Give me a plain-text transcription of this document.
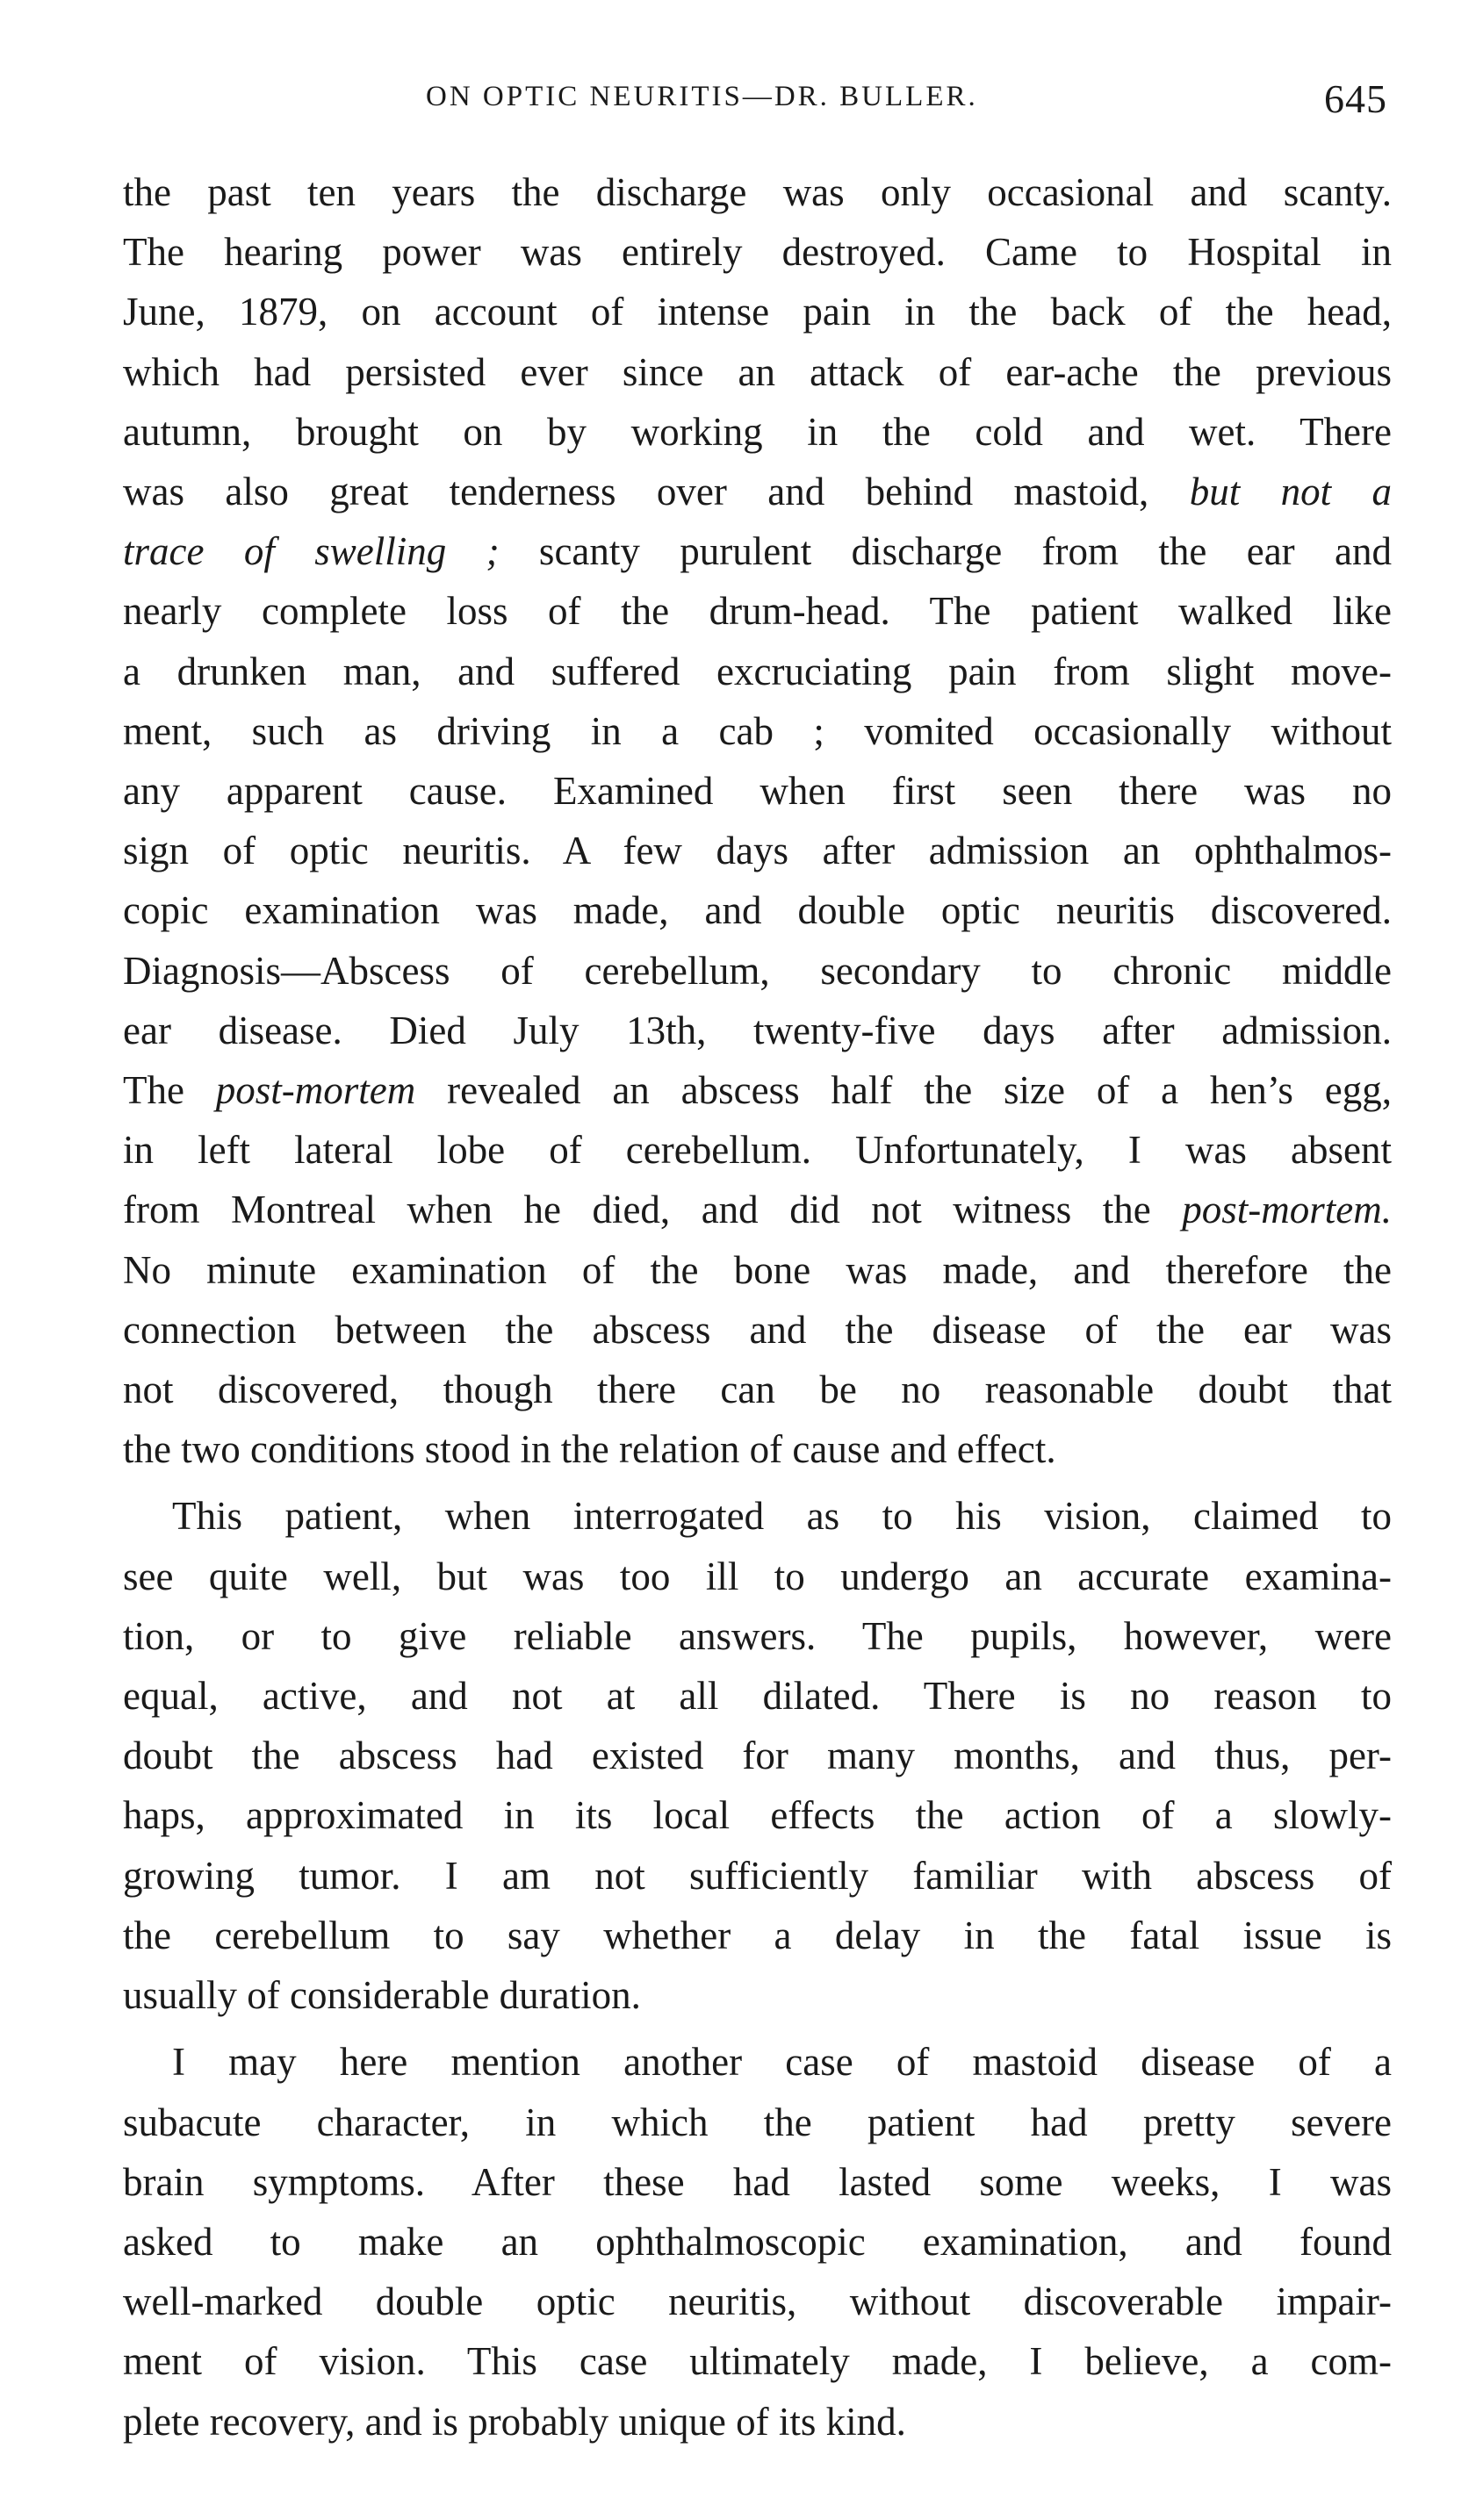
ON OPTIC NEURITIS—DR. BULLER.	645
the past ten years the discharge was only occasional and scanty.
The hearing power was entirely destroyed. Came to Hospital in
June, 1879, on account of intense pain in the back of the head,
which had persisted ever since an attack of ear-ache the previous
autumn, brought on by working in the cold and wet. There
was also great tenderness over and behind mastoid, but not a
trace of swelling ; scanty purulent discharge from the ear and
nearly complete loss of the drum-head. The patient walked like
a drunken man, and suffered excruciating pain from slight move-
ment, such as driving in a cab ; vomited occasionally without
any apparent cause. Examined when first seen there was no
sign of optic neuritis. A few days after admission an ophthalmos-
copic examination was made, and double optic neuritis discovered.
Diagnosis—Abscess of cerebellum, secondary to chronic middle
ear disease. Died July 13th, twenty-five days after admission.
The post-mortem revealed an abscess half the size of a hen’s egg,
in left lateral lobe of cerebellum. Unfortunately, I was absent
from Montreal when he died, and did not witness the post-mortem.
No minute examination of the bone was made, and therefore the
connection between the abscess and the disease of the ear was
not discovered, though there can be no reasonable doubt that
the two conditions stood in the relation of cause and effect.
This patient, when interrogated as to his vision, claimed to
see quite well, but was too ill to undergo an accurate examina-
tion, or to give reliable answers. The pupils, however, were
equal, active, and not at all dilated. There is no reason to
doubt the abscess had existed for many months, and thus, per-
haps, approximated in its local effects the action of a slowly-
growing tumor. I am not sufficiently familiar with abscess of
the cerebellum to say whether a delay in the fatal issue is
usually of considerable duration.
I may here mention another case of mastoid disease of a
subacute character, in which the patient had pretty severe
brain symptoms. After these had lasted some weeks, I was
asked to make an ophthalmoscopic examination, and found
well-marked double optic neuritis, without discoverable impair-
ment of vision. This case ultimately made, I believe, a com-
plete recovery, and is probably unique of its kind.
